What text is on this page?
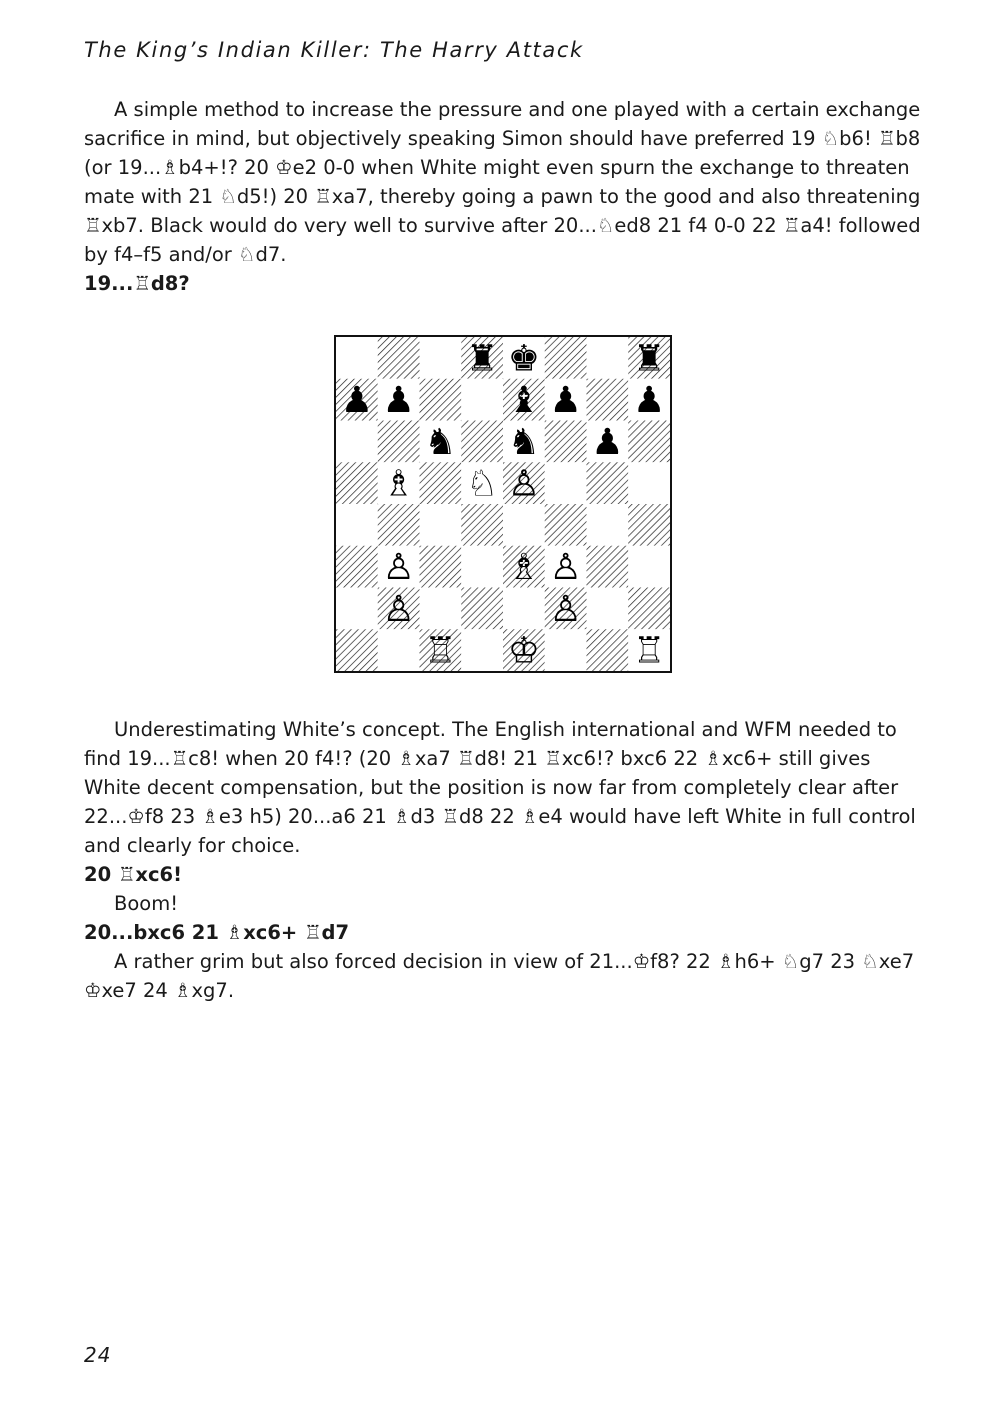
The King’s Indian Killer: The Harry Attack

A simple method to increase the pressure and one played with a certain exchange sacrifice in mind, but objectively speaking Simon should have preferred 19 ♘b6! ♖b8 (or 19...♗b4+!? 20 ♔e2 0-0 when White might even spurn the exchange to threaten mate with 21 ♘d5!) 20 ♖xa7, thereby going a pawn to the good and also threatening ♖xb7. Black would do very well to survive after 20...♘ed8 21 f4 0-0 22 ♖a4! followed by f4–f5 and/or ♘d7.

19...♖d8?

♜ ♚	♜
♟ ♟	♝ ♟ ♟
♞ ♞ ♟
♗ ♘ ♙
♙	♗ ♙
♙	♙
♖ ♔	♖

Underestimating White’s concept. The English international and WFM needed to find 19...♖c8! when 20 f4!? (20 ♗xa7 ♖d8! 21 ♖xc6!? bxc6 22 ♗xc6+ still gives White decent compensation, but the position is now far from completely clear after 22...♔f8 23 ♗e3 h5) 20...a6 21 ♗d3 ♖d8 22 ♗e4 would have left White in full control and clearly for choice.

20 ♖xc6!

Boom!

20...bxc6 21 ♗xc6+ ♖d7

A rather grim but also forced decision in view of 21...♔f8? 22 ♗h6+ ♘g7 23 ♘xe7 ♔xe7 24 ♗xg7.

24
